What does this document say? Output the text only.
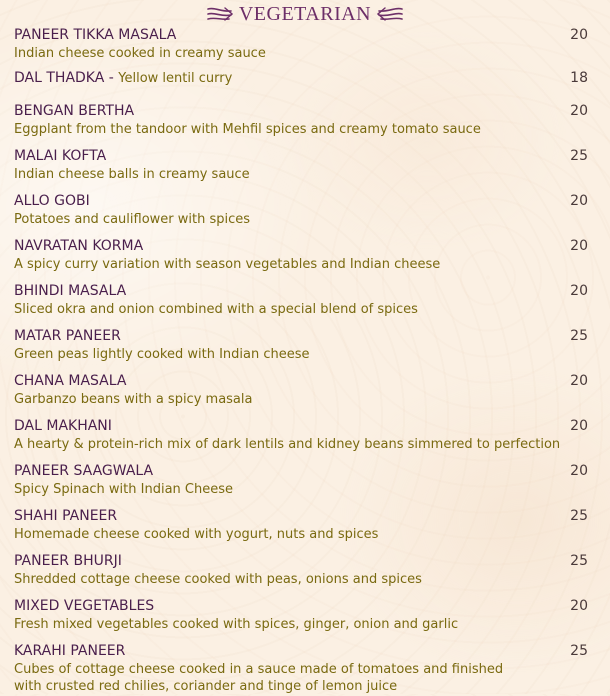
VEGETARIAN
PANEER TIKKA MASALA	20
Indian cheese cooked in creamy sauce
DAL THADKA - Yellow lentil curry	18
BENGAN BERTHA	20
Eggplant from the tandoor with Mehfil spices and creamy tomato sauce
MALAI KOFTA	25
Indian cheese balls in creamy sauce
ALLO GOBI	20
Potatoes and cauliflower with spices
NAVRATAN KORMA	20
A spicy curry variation with season vegetables and Indian cheese
BHINDI MASALA	20
Sliced okra and onion combined with a special blend of spices
MATAR PANEER	25
Green peas lightly cooked with Indian cheese
CHANA MASALA	20
Garbanzo beans with a spicy masala
DAL MAKHANI	20
A hearty & protein-rich mix of dark lentils and kidney beans simmered to perfection
PANEER SAAGWALA	20
Spicy Spinach with Indian Cheese
SHAHI PANEER	25
Homemade cheese cooked with yogurt, nuts and spices
PANEER BHURJI	25
Shredded cottage cheese cooked with peas, onions and spices
MIXED VEGETABLES	20
Fresh mixed vegetables cooked with spices, ginger, onion and garlic
KARAHI PANEER	25
Cubes of cottage cheese cooked in a sauce made of tomatoes and finished with crusted red chilies, coriander and tinge of lemon juice
